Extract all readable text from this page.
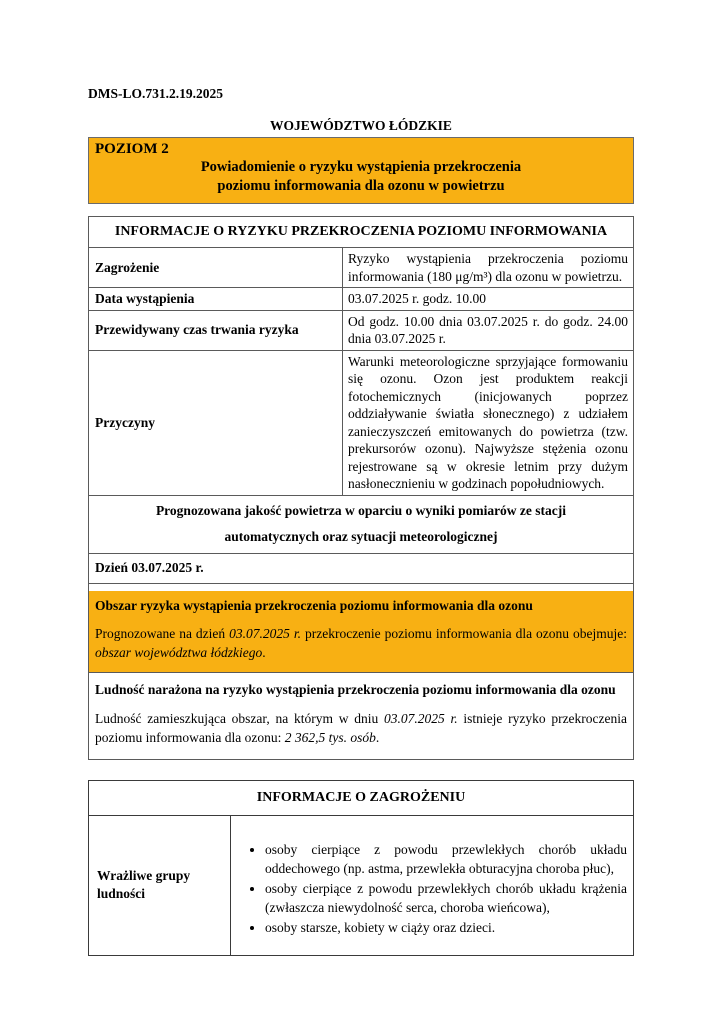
DMS-LO.731.2.19.2025
WOJEWÓDZTWO ŁÓDZKIE
POZIOM 2
Powiadomienie o ryzyku wystąpienia przekroczenia
poziomu informowania dla ozonu w powietrzu
INFORMACJE O RYZYKU PRZEKROCZENIA POZIOMU INFORMOWANIA
Zagrożenie
Ryzyko wystąpienia przekroczenia poziomu informowania (180 μg/m³) dla ozonu w powietrzu.
Data wystąpienia	03.07.2025 r. godz. 10.00
Przewidywany czas trwania ryzyka
Od godz. 10.00 dnia 03.07.2025 r. do godz. 24.00 dnia 03.07.2025 r.
Przyczyny
Warunki meteorologiczne sprzyjające formowaniu się ozonu. Ozon jest produktem reakcji fotochemicznych (inicjowanych poprzez oddziaływanie światła słonecznego) z udziałem zanieczyszczeń emitowanych do powietrza (tzw. prekursorów ozonu). Najwyższe stężenia ozonu rejestrowane są w okresie letnim przy dużym nasłonecznieniu w godzinach popołudniowych.
Prognozowana jakość powietrza w oparciu o wyniki pomiarów ze stacji
automatycznych oraz sytuacji meteorologicznej
Dzień 03.07.2025 r.

Obszar ryzyka wystąpienia przekroczenia poziomu informowania dla ozonu

Prognozowane na dzień 03.07.2025 r. przekroczenie poziomu informowania dla ozonu obejmuje: obszar województwa łódzkiego.

Ludność narażona na ryzyko wystąpienia przekroczenia poziomu informowania dla ozonu

Ludność zamieszkująca obszar, na którym w dniu 03.07.2025 r. istnieje ryzyko przekroczenia poziomu informowania dla ozonu: 2 362,5 tys. osób.

INFORMACJE O ZAGROŻENIU
Wrażliwe grupy ludności
• osoby cierpiące z powodu przewlekłych chorób układu oddechowego (np. astma, przewlekła obturacyjna choroba płuc),
• osoby cierpiące z powodu przewlekłych chorób układu krążenia (zwłaszcza niewydolność serca, choroba wieńcowa),
• osoby starsze, kobiety w ciąży oraz dzieci.
